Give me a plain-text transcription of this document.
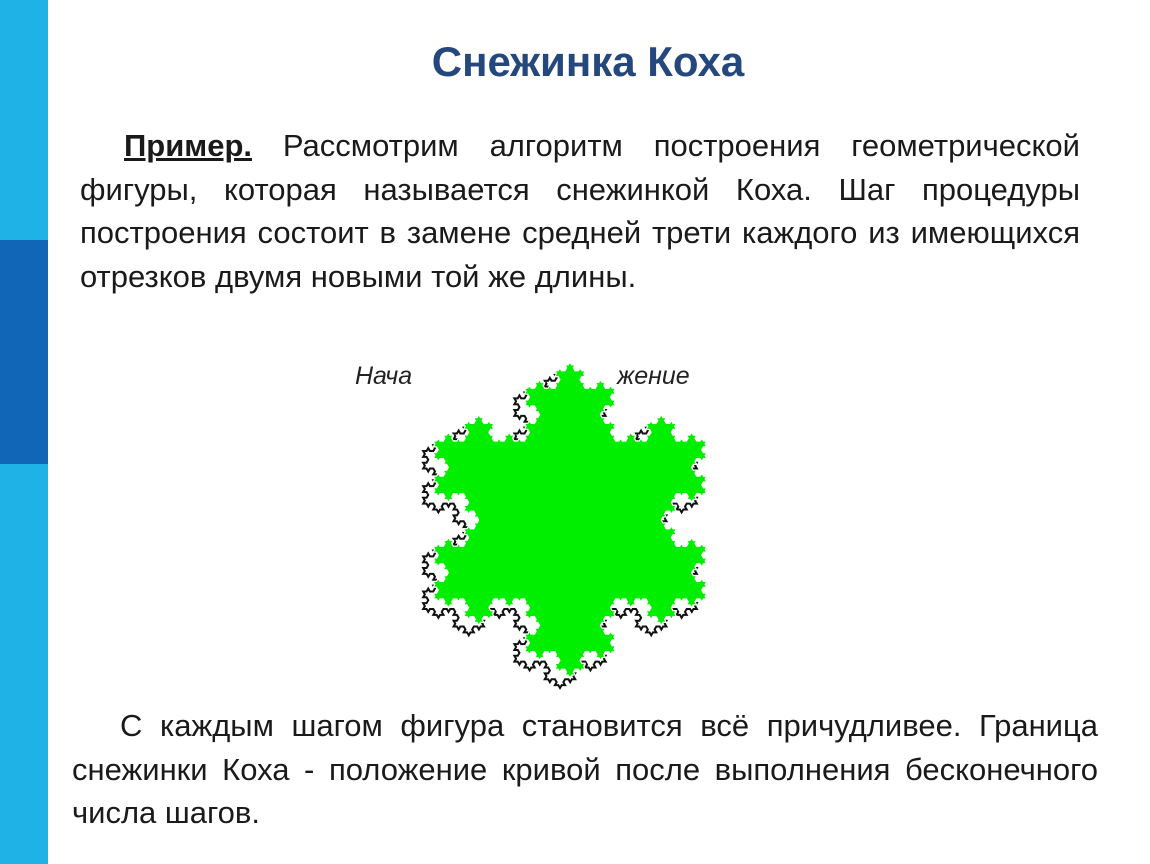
Снежинка Коха

Пример. Рассмотрим алгоритм построения геометрической фигуры, которая называется снежинкой Коха. Шаг процедуры построения состоит в замене средней трети каждого из имеющихся отрезков двумя новыми той же длины.

Нача	жение

С каждым шагом фигура становится всё причудливее. Граница снежинки Коха - положение кривой после выполнения бесконечного числа шагов.
